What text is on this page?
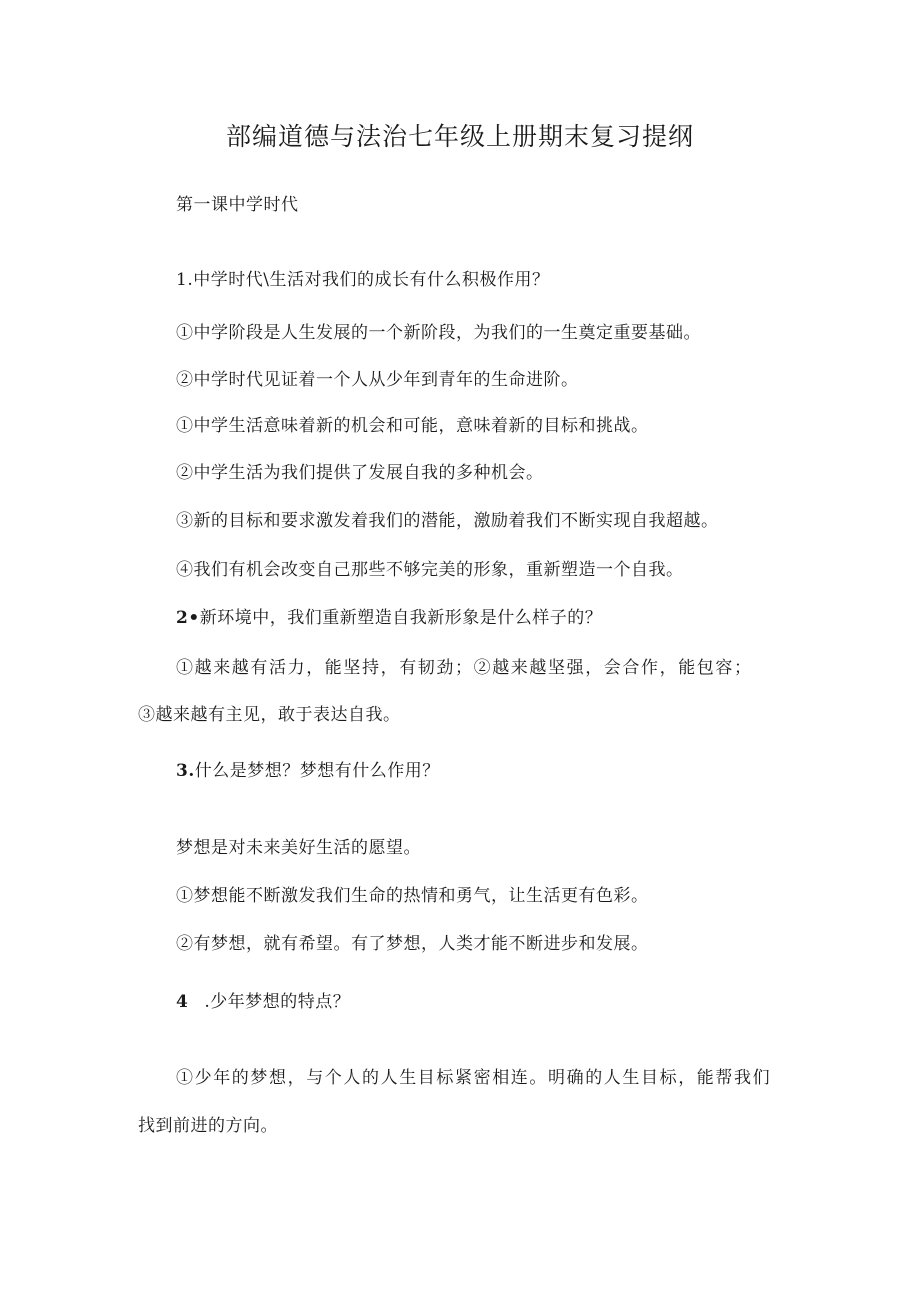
部编道德与法治七年级上册期末复习提纲
第一课中学时代
1.中学时代\生活对我们的成长有什么积极作用？
①中学阶段是人生发展的一个新阶段，为我们的一生奠定重要基础。
②中学时代见证着一个人从少年到青年的生命进阶。
①中学生活意味着新的机会和可能，意味着新的目标和挑战。
②中学生活为我们提供了发展自我的多种机会。
③新的目标和要求激发着我们的潜能，激励着我们不断实现自我超越。
④我们有机会改变自己那些不够完美的形象，重新塑造一个自我。
2•新环境中，我们重新塑造自我新形象是什么样子的？
①越来越有活力，能坚持，有韧劲；②越来越坚强，会合作，能包容；
③越来越有主见，敢于表达自我。
3.什么是梦想？梦想有什么作用？
梦想是对未来美好生活的愿望。
①梦想能不断激发我们生命的热情和勇气，让生活更有色彩。
②有梦想，就有希望。有了梦想，人类才能不断进步和发展。
4 .少年梦想的特点？
①少年的梦想，与个人的人生目标紧密相连。明确的人生目标，能帮我们
找到前进的方向。
